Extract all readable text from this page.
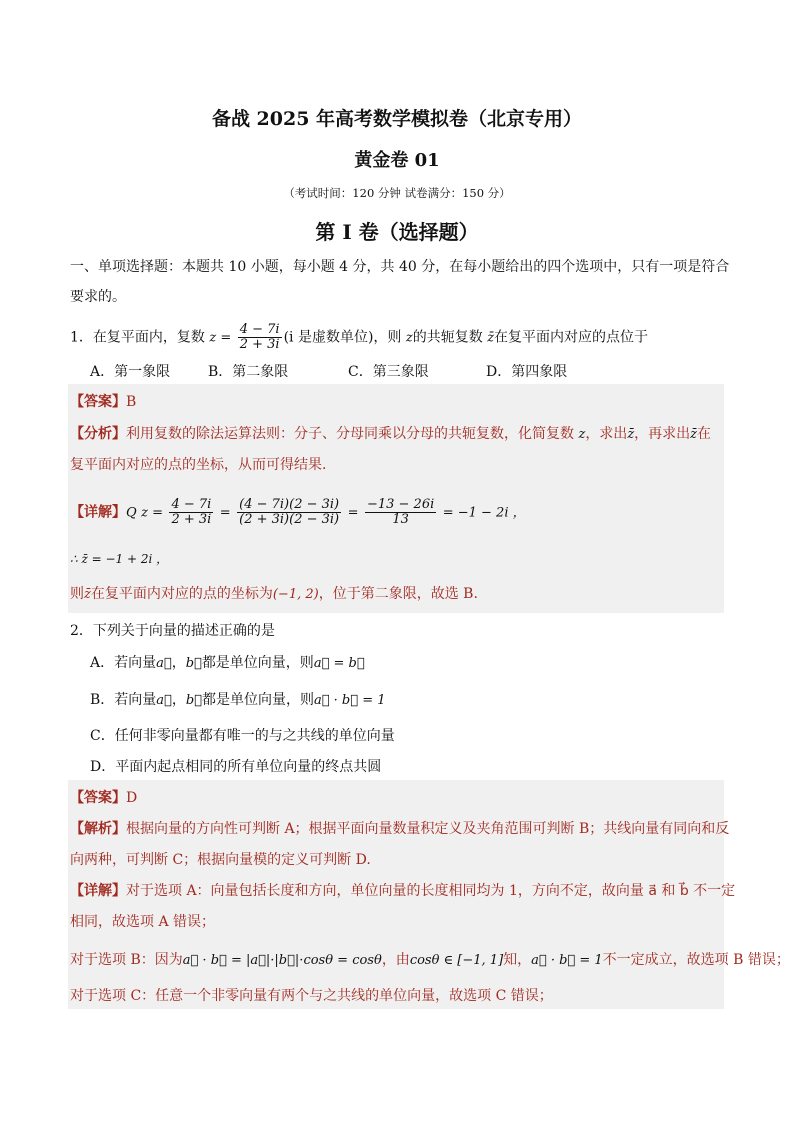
备战 2025 年高考数学模拟卷（北京专用）
黄金卷 01
（考试时间：120 分钟 试卷满分：150 分）
第 I 卷（选择题）
一、单项选择题：本题共 10 小题，每小题 4 分，共 40 分，在每小题给出的四个选项中，只有一项是符合
要求的。
1．在复平面内，复数 $z = \frac{4 - 7i}{2 + 3i} (i$ 是虚数单位)，则 z的共轭复数 z̄在复平面内对应的点位于
A．第一象限	B．第二象限	C．第三象限	D．第四象限
【答案】B
【分析】利用复数的除法运算法则：分子、分母同乘以分母的共轭复数，化简复数 z，求出z̄，再求出z̄在
复平面内对应的点的坐标，从而可得结果.
【详解】Q $z = \frac{4 - 7i}{2 + 3i} = \frac{(4 - 7i)(2 - 3i)}{(2 + 3i)(2 - 3i)} = \frac{-13 - 26i}{13} = -1 - 2i$ ，
∴ z̄ = −1 + 2i ，
则z̄在复平面内对应的点的坐标为(−1, 2)，位于第二象限，故选 B.
2．下列关于向量的描述正确的是
A．若向量a⃗，b⃗都是单位向量，则a⃗ = b⃗
B．若向量a⃗，b⃗都是单位向量，则a⃗ · b⃗ = 1
C．任何非零向量都有唯一的与之共线的单位向量
D．平面内起点相同的所有单位向量的终点共圆
【答案】D
【解析】根据向量的方向性可判断 A；根据平面向量数量积定义及夹角范围可判断 B；共线向量有同向和反
向两种，可判断 C；根据向量模的定义可判断 D.
【详解】对于选项 A：向量包括长度和方向，单位向量的长度相同均为 1，方向不定，故向量 a⃗ 和 b⃗ 不一定
相同，故选项 A 错误；
对于选项 B：因为a⃗ · b⃗ = |a⃗|·|b⃗|·cosθ = cosθ，由cosθ ∈ [−1, 1]知，a⃗ · b⃗ = 1不一定成立，故选项 B 错误；
对于选项 C：任意一个非零向量有两个与之共线的单位向量，故选项 C 错误；
